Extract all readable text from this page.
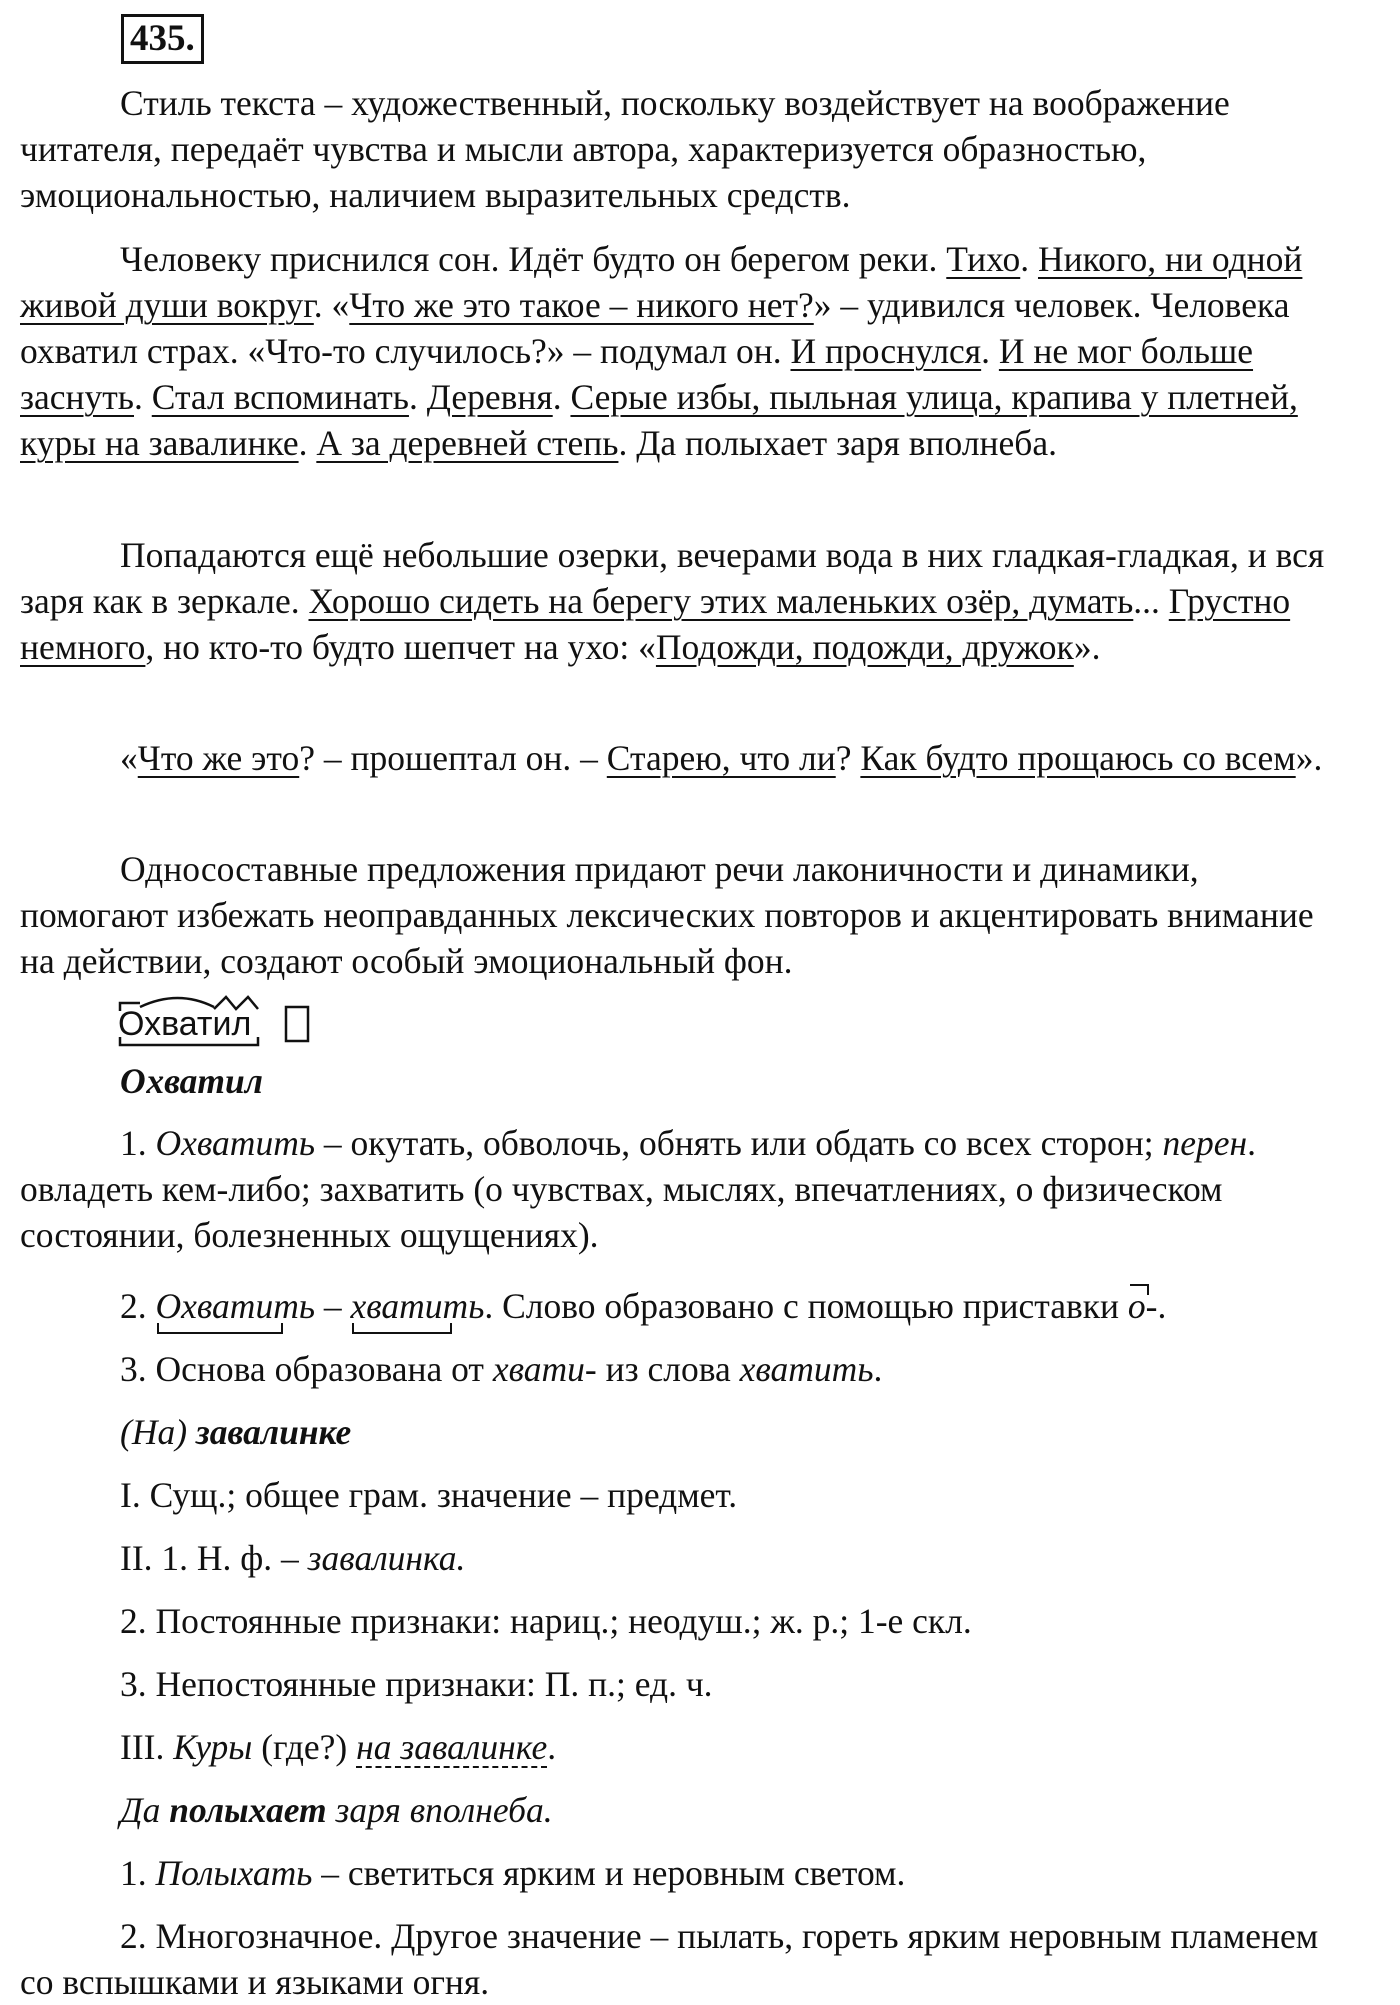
435.

Стиль текста – художественный, поскольку воздействует на воображение читателя, передаёт чувства и мысли автора, характеризуется образностью, эмоциональностью, наличием выразительных средств.

Человеку приснился сон. Идёт будто он берегом реки. Тихо. Никого, ни одной живой души вокруг. «Что же это такое – никого нет?» – удивился человек. Человека охватил страх. «Что-то случилось?» – подумал он. И проснулся. И не мог больше заснуть. Стал вспоминать. Деревня. Серые избы, пыльная улица, крапива у плетней, куры на завалинке. А за деревней степь. Да полыхает заря вполнеба.

Попадаются ещё небольшие озерки, вечерами вода в них гладкая-гладкая, и вся заря как в зеркале. Хорошо сидеть на берегу этих маленьких озёр, думать... Грустно немного, но кто-то будто шепчет на ухо: «Подожди, подожди, дружок».

«Что же это? – прошептал он. – Старею, что ли? Как будто прощаюсь со всем».

Односоставные предложения придают речи лаконичности и динамики, помогают избежать неоправданных лексических повторов и акцентировать внимание на действии, создают особый эмоциональный фон.

Охватил

Охватил

1. Охватить – окутать, обволочь, обнять или обдать со всех сторон; перен. овладеть кем-либо; захватить (о чувствах, мыслях, впечатлениях, о физическом состоянии, болезненных ощущениях).

2. Охватить
– хватить
. Слово образовано с помощью приставки о
-.

3. Основа образована от хвати- из слова хватить.

(На) завалинке

I. Сущ.; общее грам. значение – предмет.

II. 1. Н. ф. – завалинка.

2. Постоянные признаки: нариц.; неодуш.; ж. р.; 1-е скл.

3. Непостоянные признаки: П. п.; ед. ч.

III. Куры (где?) на завалинке.

Да полыхает заря вполнеба.

1. Полыхать – светиться ярким и неровным светом.

2. Многозначное. Другое значение – пылать, гореть ярким неровным пламенем со вспышками и языками огня.
